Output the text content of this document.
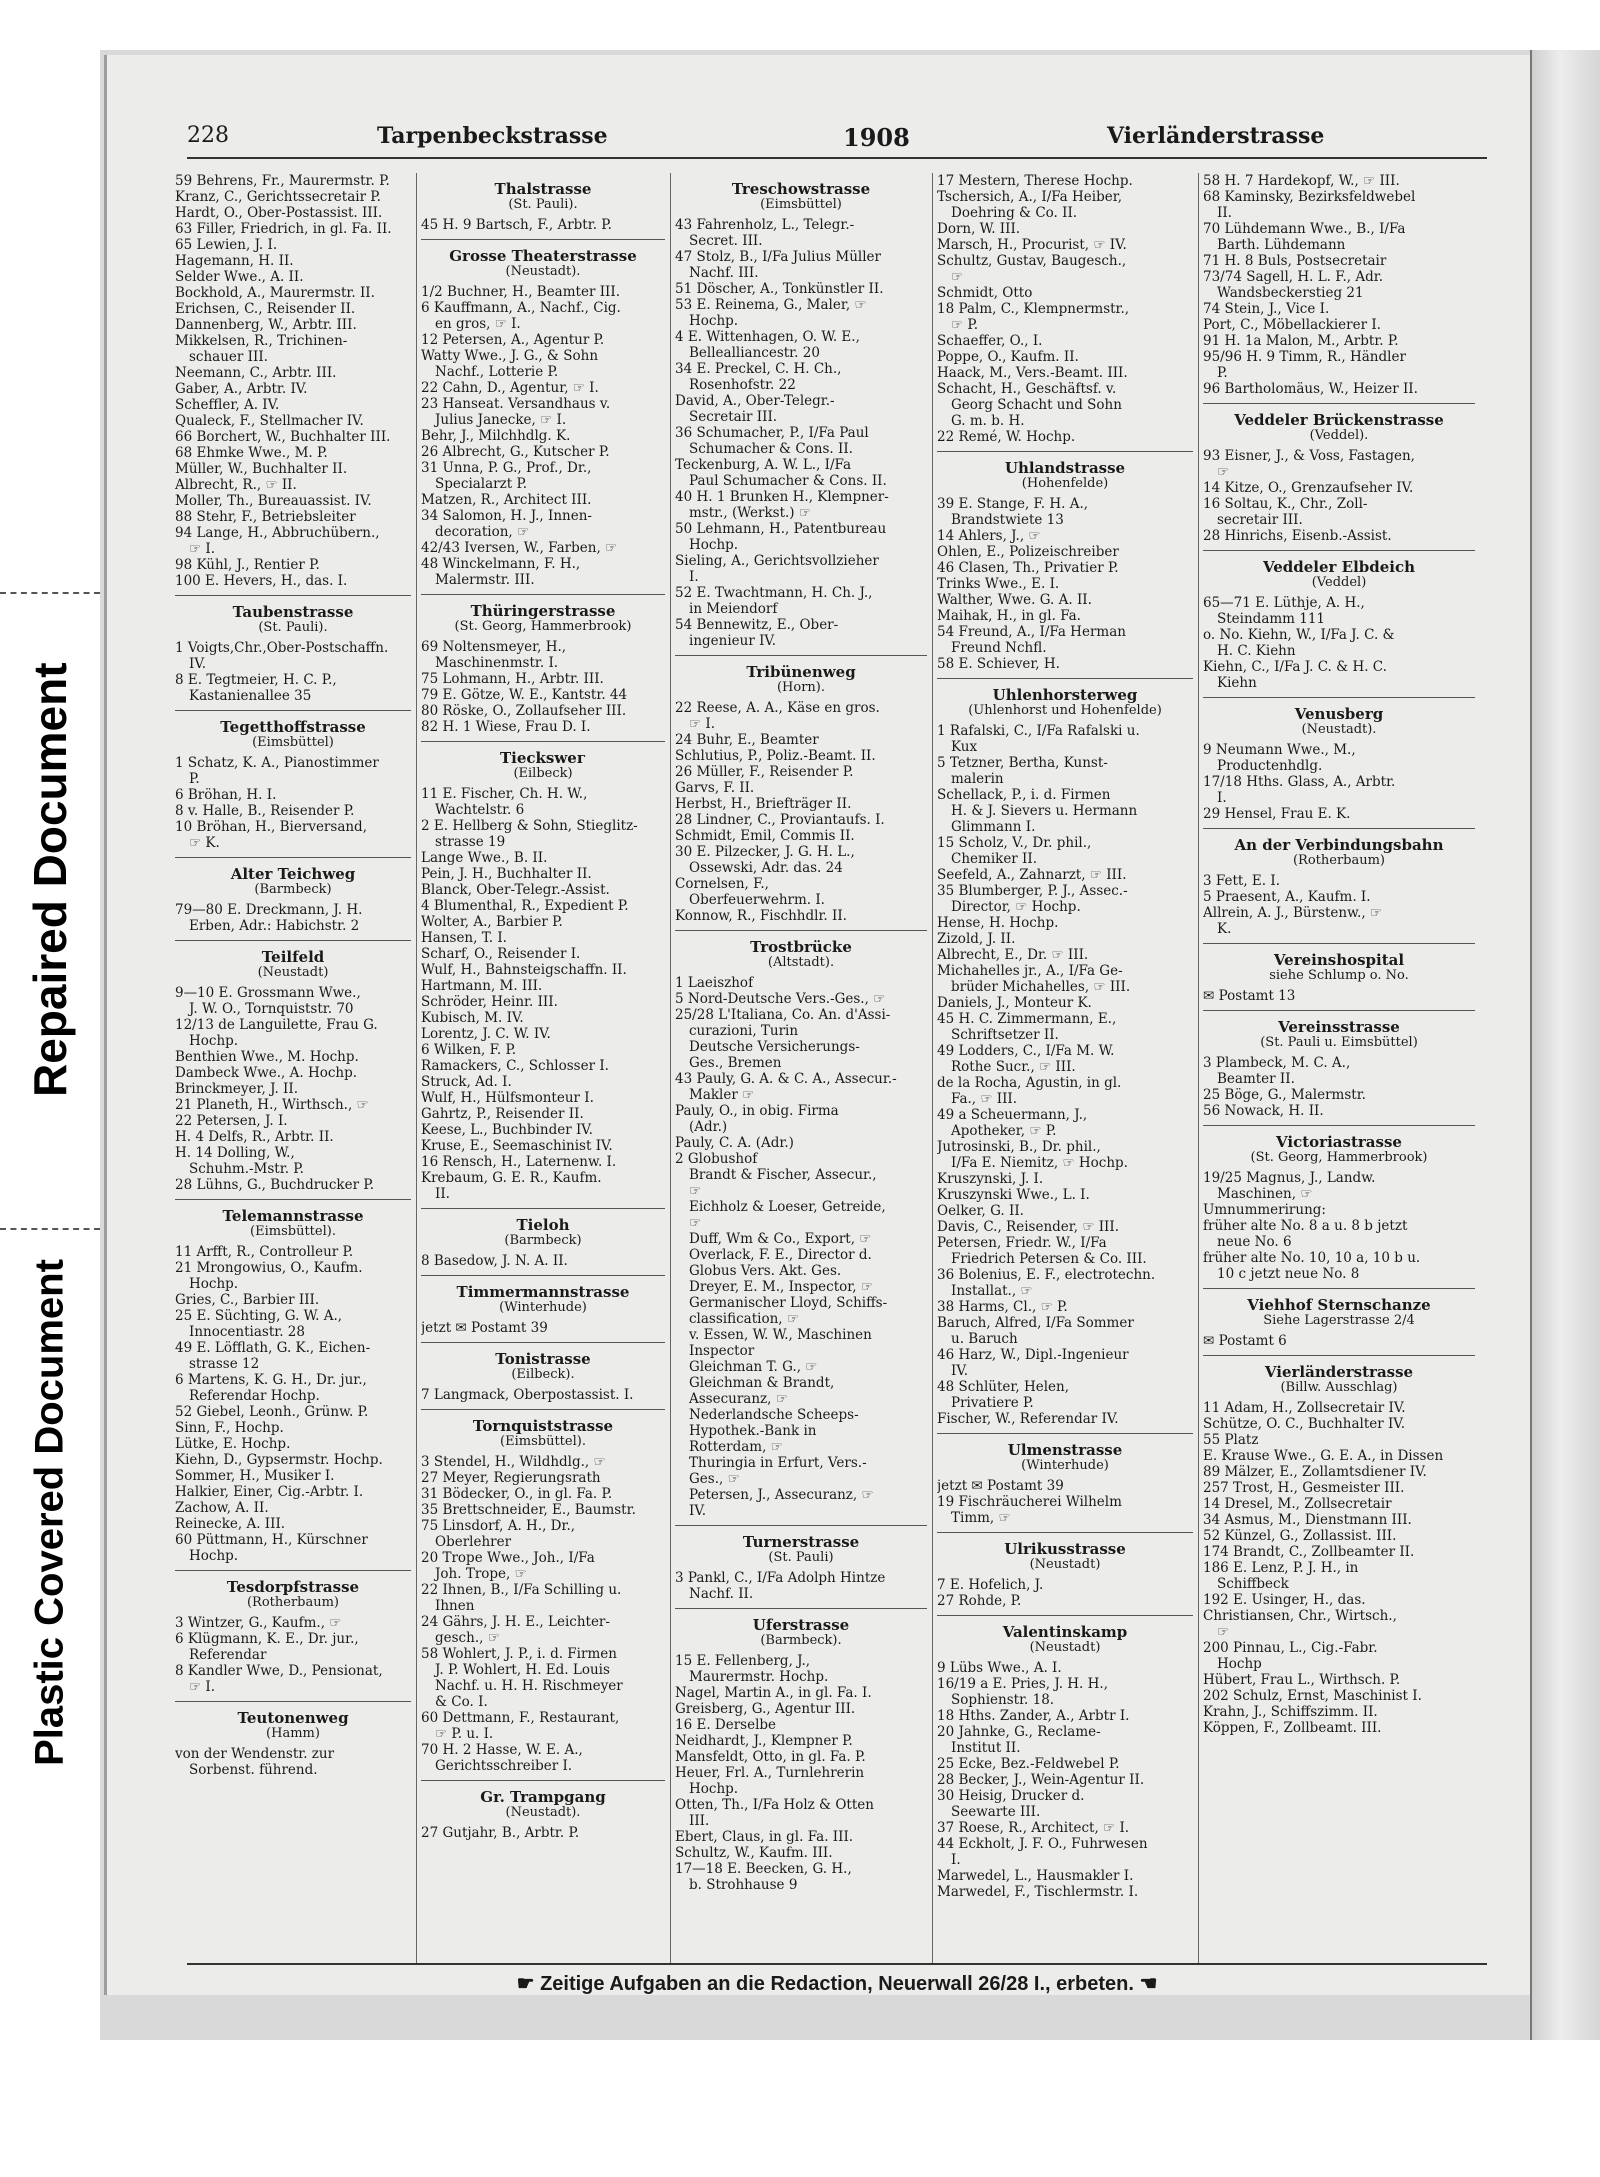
Repaired Document
Plastic Covered Document
228	Tarpenbeckstrasse	1908	Vierländerstrasse
59 Behrens, Fr., Maurermstr. P.
Kranz, C., Gerichtssecretair P.
Hardt, O., Ober-Postassist. III.
63 Filler, Friedrich, in gl. Fa. II.
65 Lewien, J. I.
Hagemann, H. II.
Selder Wwe., A. II.
Bockhold, A., Maurermstr. II.
Erichsen, C., Reisender II.
Dannenberg, W., Arbtr. III.
Mikkelsen, R., Trichinen-
schauer III.
Neemann, C., Arbtr. III.
Gaber, A., Arbtr. IV.
Scheffler, A. IV.
Qualeck, F., Stellmacher IV.
66 Borchert, W., Buchhalter III.
68 Ehmke Wwe., M. P.
Müller, W., Buchhalter II.
Albrecht, R., ☞ II.
Moller, Th., Bureauassist. IV.
88 Stehr, F., Betriebsleiter
94 Lange, H., Abbruchübern.,
☞ I.
98 Kühl, J., Rentier P.
100 E. Hevers, H., das. I.
Taubenstrasse
(St. Pauli).
1 Voigts,Chr.,Ober-Postschaffn.
IV.
8 E. Tegtmeier, H. C. P.,
Kastanienallee 35
Tegetthoffstrasse
(Eimsbüttel)
1 Schatz, K. A., Pianostimmer
P.
6 Bröhan, H. I.
8 v. Halle, B., Reisender P.
10 Bröhan, H., Bierversand,
☞ K.
Alter Teichweg
(Barmbeck)
79—80 E. Dreckmann, J. H.
Erben, Adr.: Habichstr. 2
Teilfeld
(Neustadt)
9—10 E. Grossmann Wwe.,
J. W. O., Tornquiststr. 70
12/13 de Languilette, Frau G.
Hochp.
Benthien Wwe., M. Hochp.
Dambeck Wwe., A. Hochp.
Brinckmeyer, J. II.
21 Planeth, H., Wirthsch., ☞
22 Petersen, J. I.
H. 4 Delfs, R., Arbtr. II.
H. 14 Dolling, W.,
Schuhm.-Mstr. P.
28 Lühns, G., Buchdrucker P.
Telemannstrasse
(Eimsbüttel).
11 Arfft, R., Controlleur P.
21 Mrongowius, O., Kaufm.
Hochp.
Gries, C., Barbier III.
25 E. Süchting, G. W. A.,
Innocentiastr. 28
49 E. Löfflath, G. K., Eichen-
strasse 12
6 Martens, K. G. H., Dr. jur.,
Referendar Hochp.
52 Giebel, Leonh., Grünw. P.
Sinn, F., Hochp.
Lütke, E. Hochp.
Kiehn, D., Gypsermstr. Hochp.
Sommer, H., Musiker I.
Halkier, Einer, Cig.-Arbtr. I.
Zachow, A. II.
Reinecke, A. III.
60 Püttmann, H., Kürschner
Hochp.
Tesdorpfstrasse
(Rotherbaum)
3 Wintzer, G., Kaufm., ☞
6 Klügmann, K. E., Dr. jur.,
Referendar
8 Kandler Wwe, D., Pensionat,
☞ I.
Teutonenweg
(Hamm)
von der Wendenstr. zur
Sorbenst. führend.
Thalstrasse
(St. Pauli).
45 H. 9 Bartsch, F., Arbtr. P.
Grosse Theaterstrasse
(Neustadt).
1/2 Buchner, H., Beamter III.
6 Kauffmann, A., Nachf., Cig.
en gros, ☞ I.
12 Petersen, A., Agentur P.
Watty Wwe., J. G., & Sohn
Nachf., Lotterie P.
22 Cahn, D., Agentur, ☞ I.
23 Hanseat. Versandhaus v.
Julius Janecke, ☞ I.
Behr, J., Milchhdlg. K.
26 Albrecht, G., Kutscher P.
31 Unna, P. G., Prof., Dr.,
Specialarzt P.
Matzen, R., Architect III.
34 Salomon, H. J., Innen-
decoration, ☞
42/43 Iversen, W., Farben, ☞
48 Winckelmann, F. H.,
Malermstr. III.
Thüringerstrasse
(St. Georg, Hammerbrook)
69 Noltensmeyer, H.,
Maschinenmstr. I.
75 Lohmann, H., Arbtr. III.
79 E. Götze, W. E., Kantstr. 44
80 Röske, O., Zollaufseher III.
82 H. 1 Wiese, Frau D. I.
Tieckswег
(Eilbeck)
11 E. Fischer, Ch. H. W.,
Wachtelstr. 6
2 E. Hellberg & Sohn, Stieglitz-
strasse 19
Lange Wwe., B. II.
Pein, J. H., Buchhalter II.
Blanck, Ober-Telegr.-Assist.
4 Blumenthal, R., Expedient P.
Wolter, A., Barbier P.
Hansen, T. I.
Scharf, O., Reisender I.
Wulf, H., Bahnsteigschaffn. II.
Hartmann, M. III.
Schröder, Heinr. III.
Kubisch, M. IV.
Lorentz, J. C. W. IV.
6 Wilken, F. P.
Ramackers, C., Schlosser I.
Struck, Ad. I.
Wulf, H., Hülfsmonteur I.
Gahrtz, P., Reisender II.
Keese, L., Buchbinder IV.
Kruse, E., Seemaschinist IV.
16 Rensch, H., Laternenw. I.
Krebaum, G. E. R., Kaufm.
II.
Tieloh
(Barmbeck)
8 Basedow, J. N. A. II.
Timmermannstrasse
(Winterhude)
jetzt ✉ Postamt 39
Tonistrasse
(Eilbeck).
7 Langmack, Oberpostassist. I.
Tornquiststrasse
(Eimsbüttel).
3 Stendel, H., Wildhdlg., ☞
27 Meyer, Regierungsrath
31 Bödecker, O., in gl. Fa. P.
35 Brettschneider, E., Baumstr.
75 Linsdorf, A. H., Dr.,
Oberlehrer
20 Trope Wwe., Joh., I/Fa
Joh. Trope, ☞
22 Ihnen, B., I/Fa Schilling u.
Ihnen
24 Gährs, J. H. E., Leichter-
gesch., ☞
58 Wohlert, J. P., i. d. Firmen
J. P. Wohlert, H. Ed. Louis
Nachf. u. H. H. Rischmeyer
& Co. I.
60 Dettmann, F., Restaurant,
☞ P. u. I.
70 H. 2 Hasse, W. E. A.,
Gerichtsschreiber I.
Gr. Trampgang
(Neustadt).
27 Gutjahr, B., Arbtr. P.
Treschowstrasse
(Eimsbüttel)
43 Fahrenholz, L., Telegr.-
Secret. III.
47 Stolz, B., I/Fa Julius Müller
Nachf. III.
51 Döscher, A., Tonkünstler II.
53 E. Reinema, G., Maler, ☞
Hochp.
4 E. Wittenhagen, O. W. E.,
Bellealliancestr. 20
34 E. Preckel, C. H. Ch.,
Rosenhofstr. 22
David, A., Ober-Telegr.-
Secretair III.
36 Schumacher, P., I/Fa Paul
Schumacher & Cons. II.
Teckenburg, A. W. L., I/Fa
Paul Schumacher & Cons. II.
40 H. 1 Brunken H., Klempner-
mstr., (Werkst.) ☞
50 Lehmann, H., Patentbureau
Hochp.
Sieling, A., Gerichtsvollzieher
I.
52 E. Twachtmann, H. Ch. J.,
in Meiendorf
54 Bennewitz, E., Ober-
ingenieur IV.
Tribünenweg
(Horn).
22 Reese, A. A., Käse en gros.
☞ I.
24 Buhr, E., Beamter
Schlutius, P., Poliz.-Beamt. II.
26 Müller, F., Reisender P.
Garvs, F. II.
Herbst, H., Briefträger II.
28 Lindner, C., Proviantaufs. I.
Schmidt, Emil, Commis II.
30 E. Pilzecker, J. G. H. L.,
Ossewski, Adr. das. 24
Cornelsen, F.,
Oberfeuerwehrm. I.
Konnow, R., Fischhdlr. II.
Trostbrücke
(Altstadt).
1 Laeiszhof
5 Nord-Deutsche Vers.-Ges., ☞
25/28 L'Italiana, Co. An. d'Assi-
curazioni, Turin
Deutsche Versicherungs-
Ges., Bremen
43 Pauly, G. A. & C. A., Assecur.-
Makler ☞
Pauly, O., in obig. Firma
(Adr.)
Pauly, C. A. (Adr.)
2 Globushof
Brandt & Fischer, Assecur.,
☞
Eichholz & Loeser, Getreide,
☞
Duff, Wm & Co., Export, ☞
Overlack, F. E., Director d.
Globus Vers. Akt. Ges.
Dreyer, E. M., Inspector, ☞
Germanischer Lloyd, Schiffs-
classification, ☞
v. Essen, W. W., Maschinen
Inspector
Gleichman T. G., ☞
Gleichman & Brandt,
Assecuranz, ☞
Nederlandsche Scheeps-
Hypothek.-Bank in
Rotterdam, ☞
Thuringia in Erfurt, Vers.-
Ges., ☞
Petersen, J., Assecuranz, ☞
IV.
Turnerstrasse
(St. Pauli)
3 Pankl, C., I/Fa Adolph Hintze
Nachf. II.
Uferstrasse
(Barmbeck).
15 E. Fellenberg, J.,
Maurermstr. Hochp.
Nagel, Martin A., in gl. Fa. I.
Greisberg, G., Agentur III.
16 E. Derselbe
Neidhardt, J., Klempner P.
Mansfeldt, Otto, in gl. Fa. P.
Heuer, Frl. A., Turnlehrerin
Hochp.
Otten, Th., I/Fa Holz & Otten
III.
Ebert, Claus, in gl. Fa. III.
Schultz, W., Kaufm. III.
17—18 E. Beecken, G. H.,
b. Strohhause 9
17 Mestern, Therese Hochp.
Tschersich, A., I/Fa Heiber,
Doehring & Co. II.
Dorn, W. III.
Marsch, H., Procurist, ☞ IV.
Schultz, Gustav, Baugesch.,
☞
Schmidt, Otto
18 Palm, C., Klempnermstr.,
☞ P.
Schaeffer, O., I.
Poppe, O., Kaufm. II.
Haack, M., Vers.-Beamt. III.
Schacht, H., Geschäftsf. v.
Georg Schacht und Sohn
G. m. b. H.
22 Remé, W. Hochp.
Uhlandstrasse
(Hohenfelde)
39 E. Stange, F. H. A.,
Brandstwiete 13
14 Ahlers, J., ☞
Ohlen, E., Polizeischreiber
46 Clasen, Th., Privatier P.
Trinks Wwe., E. I.
Walther, Wwe. G. A. II.
Maihak, H., in gl. Fa.
54 Freund, A., I/Fa Herman
Freund Nchfl.
58 E. Schiever, H.
Uhlenhorsterweg
(Uhlenhorst und Hohenfelde)
1 Rafalski, C., I/Fa Rafalski u.
Kux
5 Tetzner, Bertha, Kunst-
malerin
Schellack, P., i. d. Firmen
H. & J. Sievers u. Hermann
Glimmann I.
15 Scholz, V., Dr. phil.,
Chemiker II.
Seefeld, A., Zahnarzt, ☞ III.
35 Blumberger, P. J., Assec.-
Director, ☞ Hochp.
Hense, H. Hochp.
Zizold, J. II.
Albrecht, E., Dr. ☞ III.
Michahelles jr., A., I/Fa Ge-
brüder Michahelles, ☞ III.
Daniels, J., Monteur K.
45 H. C. Zimmermann, E.,
Schriftsetzer II.
49 Lodders, C., I/Fa M. W.
Rothe Sucr., ☞ III.
de la Rocha, Agustin, in gl.
Fa., ☞ III.
49 a Scheuermann, J.,
Apotheker, ☞ P.
Jutrosinski, B., Dr. phil.,
I/Fa E. Niemitz, ☞ Hochp.
Kruszynski, J. I.
Kruszynski Wwe., L. I.
Oelker, G. II.
Davis, C., Reisender, ☞ III.
Petersen, Friedr. W., I/Fa
Friedrich Petersen & Co. III.
36 Bolenius, E. F., electrotechn.
Installat., ☞
38 Harms, Cl., ☞ P.
Baruch, Alfred, I/Fa Sommer
u. Baruch
46 Harz, W., Dipl.-Ingenieur
IV.
48 Schlüter, Helen,
Privatiere P.
Fischer, W., Referendar IV.
Ulmenstrasse
(Winterhude)
jetzt ✉ Postamt 39
19 Fischräucherei Wilhelm
Timm, ☞
Ulrikusstrasse
(Neustadt)
7 E. Hofelich, J.
27 Rohde, P.
Valentinskamp
(Neustadt)
9 Lübs Wwe., A. I.
16/19 a E. Pries, J. H. H.,
Sophienstr. 18.
18 Hths. Zander, A., Arbtr I.
20 Jahnke, G., Reclame-
Institut II.
25 Ecke, Bez.-Feldwebel P.
28 Becker, J., Wein-Agentur II.
30 Heisig, Drucker d.
Seewarte III.
37 Roese, R., Architect, ☞ I.
44 Eckholt, J. F. O., Fuhrwesen
I.
Marwedel, L., Hausmakler I.
Marwedel, F., Tischlermstr. I.
58 H. 7 Hardekopf, W., ☞ III.
68 Kaminsky, Bezirksfeldwebel
II.
70 Lühdemann Wwe., B., I/Fa
Barth. Lühdemann
71 H. 8 Buls, Postsecretair
73/74 Sagell, H. L. F., Adr.
Wandsbeckerstieg 21
74 Stein, J., Vice I.
Port, C., Möbellackierer I.
91 H. 1a Malon, M., Arbtr. P.
95/96 H. 9 Timm, R., Händler
P.
96 Bartholomäus, W., Heizer II.
Veddeler Brückenstrasse
(Veddel).
93 Eisner, J., & Voss, Fastagen,
☞
14 Kitze, O., Grenzaufseher IV.
16 Soltau, K., Chr., Zoll-
secretair III.
28 Hinrichs, Eisenb.-Assist.
Veddeler Elbdeich
(Veddel)
65—71 E. Lüthje, A. H.,
Steindamm 111
o. No. Kiehn, W., I/Fa J. C. &
H. C. Kiehn
Kiehn, C., I/Fa J. C. & H. C.
Kiehn
Venusberg
(Neustadt).
9 Neumann Wwe., M.,
Productenhdlg.
17/18 Hths. Glass, A., Arbtr.
I.
29 Hensel, Frau E. K.
An der Verbindungsbahn
(Rotherbaum)
3 Fett, E. I.
5 Praesent, A., Kaufm. I.
Allrein, A. J., Bürstenw., ☞
K.
Vereinshospital
siehe Schlump o. No.
✉ Postamt 13
Vereinsstrasse
(St. Pauli u. Eimsbüttel)
3 Plambeck, M. C. A.,
Beamter II.
25 Böge, G., Malermstr.
56 Nowack, H. II.
Victoriastrasse
(St. Georg, Hammerbrook)
19/25 Magnus, J., Landw.
Maschinen, ☞
Umnummerirung:
früher alte No. 8 a u. 8 b jetzt
neue No. 6
früher alte No. 10, 10 a, 10 b u.
10 c jetzt neue No. 8
Viehhof Sternschanze
Siehe Lagerstrasse 2/4
✉ Postamt 6
Vierländerstrasse
(Billw. Ausschlag)
11 Adam, H., Zollsecretair IV.
Schütze, O. C., Buchhalter IV.
55 Platz
E. Krause Wwe., G. E. A., in Dissen
89 Mälzer, E., Zollamtsdiener IV.
257 Trost, H., Gesmeister III.
14 Dresel, M., Zollsecretair
34 Asmus, M., Dienstmann III.
52 Künzel, G., Zollassist. III.
174 Brandt, C., Zollbeamter II.
186 E. Lenz, P. J. H., in
Schiffbeck
192 E. Usinger, H., das.
Christiansen, Chr., Wirtsch.,
☞
200 Pinnau, L., Cig.-Fabr.
Hochp
Hübert, Frau L., Wirthsch. P.
202 Schulz, Ernst, Maschinist I.
Krahn, J., Schiffszimm. II.
Köppen, F., Zollbeamt. III.
☛ Zeitige Aufgaben an die Redaction, Neuerwall 26/28 I., erbeten. ☚
